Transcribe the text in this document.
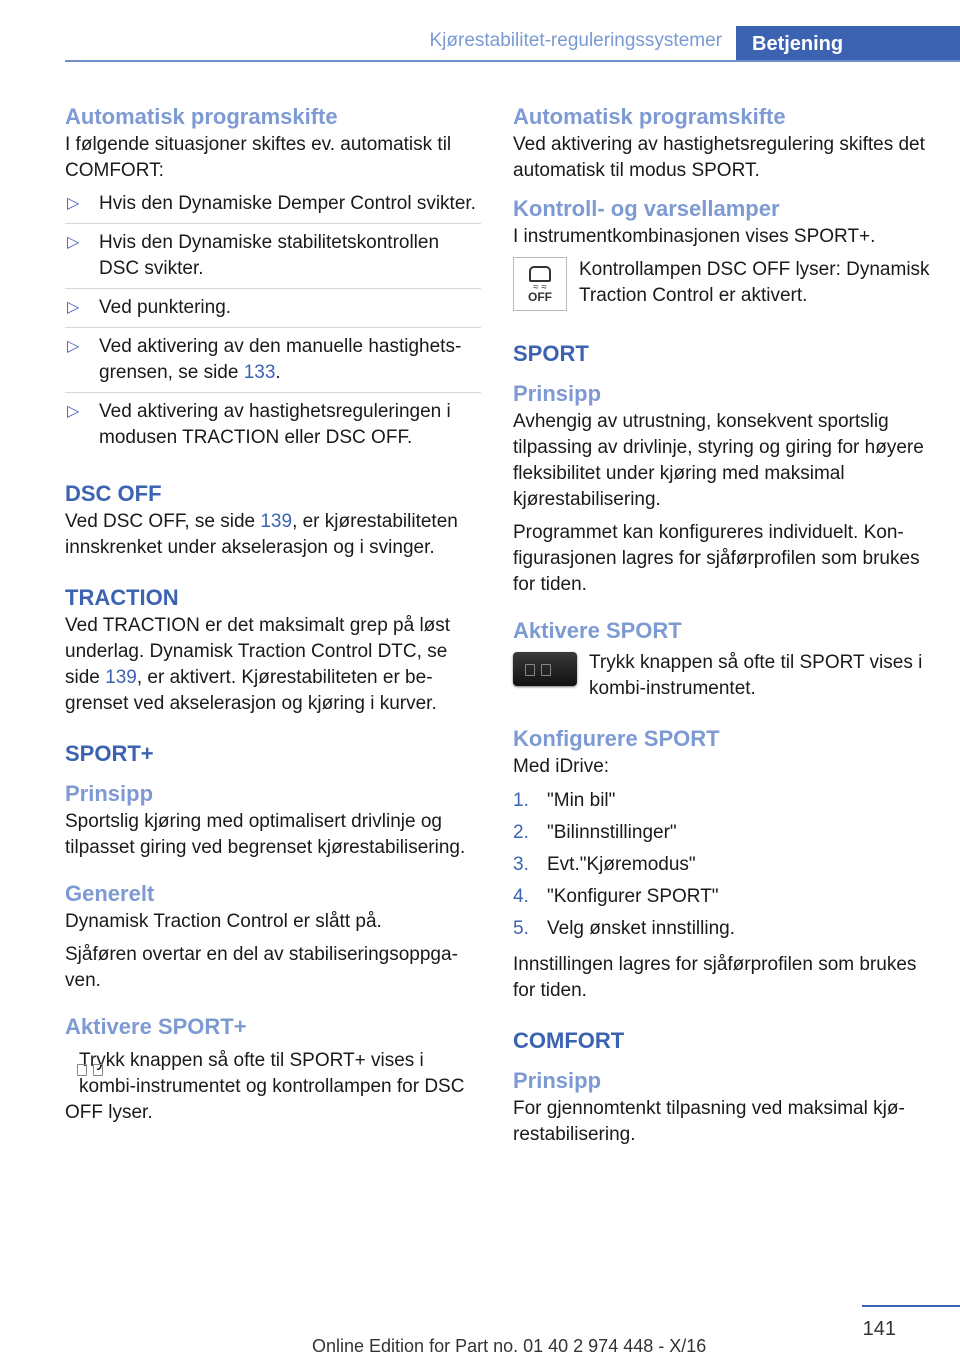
Kjørestabilitet-reguleringssystemer	Betjening
Automatisk programskifte

I følgende situasjoner skiftes ev. automatisk til COMFORT:

▷ Hvis den Dynamiske Demper Control svikter.
▷ Hvis den Dynamiske stabilitetskontrollen DSC svikter.
▷ Ved punktering.
▷ Ved aktivering av den manuelle hastighetsgrensen, se side 133.
▷ Ved aktivering av hastighetsreguleringen i modusen TRACTION eller DSC OFF.
DSC OFF

Ved DSC OFF, se side 139, er kjørestabiliteten innskrenket under akselerasjon og i svinger.

TRACTION

Ved TRACTION er det maksimalt grep på løst underlag. Dynamisk Traction Control DTC, se side 139, er aktivert. Kjørestabiliteten er begrenset ved akselerasjon og kjøring i kurver.

SPORT+
Prinsipp

Sportslig kjøring med optimalisert drivlinje og tilpasset giring ved begrenset kjørestabilisering.

Generelt

Dynamisk Traction Control er slått på.

Sjåføren overtar en del av stabiliseringsoppgaven.

Aktivere SPORT+

Trykk knappen så ofte til SPORT+ vises i kombi-instrumentet og kontrollampen for DSC OFF lyser.

Automatisk programskifte

Ved aktivering av hastighetsregulering skiftes det automatisk til modus SPORT.

Kontroll- og varsellamper

I instrumentkombinasjonen vises SPORT+.

≈ ≈
OFF

Kontrollampen DSC OFF lyser: Dynamisk Traction Control er aktivert.

SPORT
Prinsipp

Avhengig av utrustning, konsekvent sportslig tilpassing av drivlinje, styring og giring for høyere fleksibilitet under kjøring med maksimal kjørestabilisering.

Programmet kan konfigureres individuelt. Konfigurasjonen lagres for sjåførprofilen som brukes for tiden.

Aktivere SPORT

Trykk knappen så ofte til SPORT vises i kombi-instrumentet.

Konfigurere SPORT

Med iDrive:

1. "Min bil"
2. "Bilinnstillinger"
3. Evt."Kjøremodus"
4. "Konfigurer SPORT"
5. Velg ønsket innstilling.

Innstillingen lagres for sjåførprofilen som brukes for tiden.

COMFORT
Prinsipp

For gjennomtenkt tilpasning ved maksimal kjørestabilisering.

141
Online Edition for Part no. 01 40 2 974 448 - X/16
